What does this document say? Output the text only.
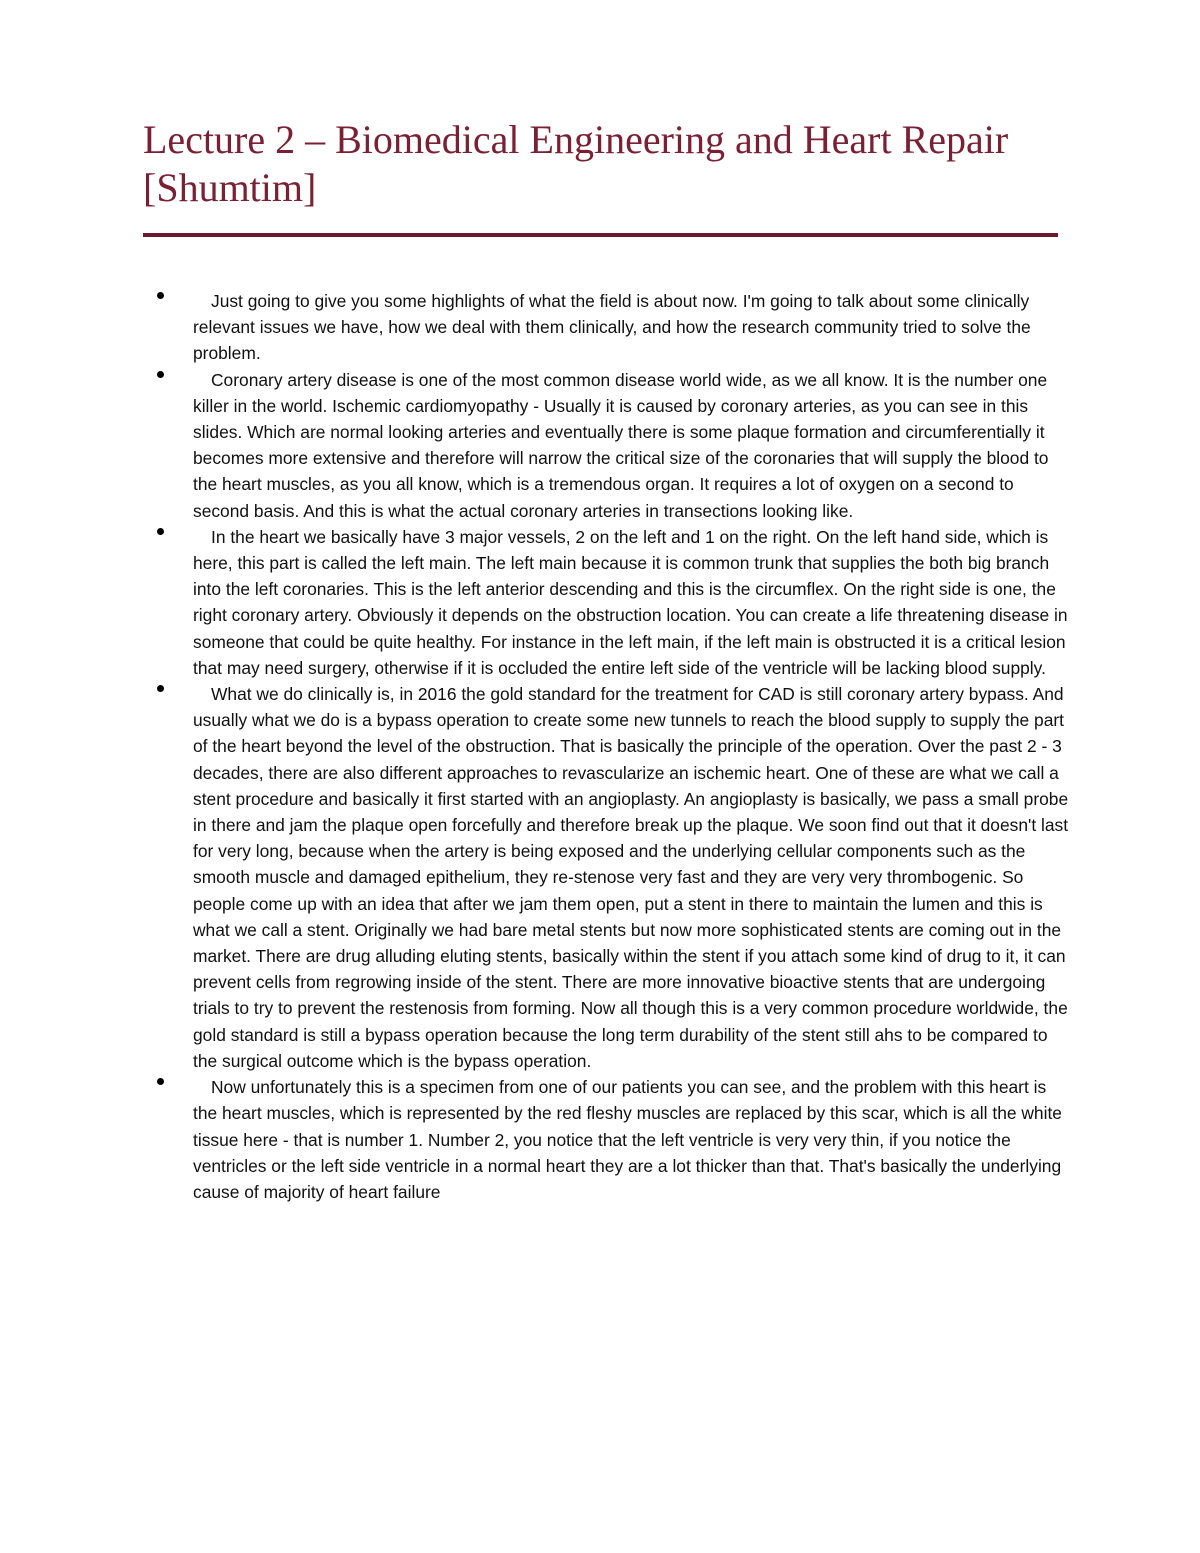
Lecture 2 – Biomedical Engineering and Heart Repair [Shumtim]
Just going to give you some highlights of what the field is about now. I'm going to talk about some clinically relevant issues we have, how we deal with them clinically, and how the research community tried to solve the problem.
Coronary artery disease is one of the most common disease world wide, as we all know. It is the number one killer in the world. Ischemic cardiomyopathy - Usually it is caused by coronary arteries, as you can see in this slides. Which are normal looking arteries and eventually there is some plaque formation and circumferentially it becomes more extensive and therefore will narrow the critical size of the coronaries that will supply the blood to the heart muscles, as you all know, which is a tremendous organ. It requires a lot of oxygen on a second to second basis. And this is what the actual coronary arteries in transections looking like.
In the heart we basically have 3 major vessels, 2 on the left and 1 on the right. On the left hand side, which is here, this part is called the left main. The left main because it is common trunk that supplies the both big branch into the left coronaries. This is the left anterior descending and this is the circumflex. On the right side is one, the right coronary artery. Obviously it depends on the obstruction location. You can create a life threatening disease in someone that could be quite healthy. For instance in the left main, if the left main is obstructed it is a critical lesion that may need surgery, otherwise if it is occluded the entire left side of the ventricle will be lacking blood supply.
What we do clinically is, in 2016 the gold standard for the treatment for CAD is still coronary artery bypass. And usually what we do is a bypass operation to create some new tunnels to reach the blood supply to supply the part of the heart beyond the level of the obstruction. That is basically the principle of the operation. Over the past 2 - 3 decades, there are also different approaches to revascularize an ischemic heart. One of these are what we call a stent procedure and basically it first started with an angioplasty. An angioplasty is basically, we pass a small probe in there and jam the plaque open forcefully and therefore break up the plaque. We soon find out that it doesn't last for very long, because when the artery is being exposed and the underlying cellular components such as the smooth muscle and damaged epithelium, they re-stenose very fast and they are very very thrombogenic. So people come up with an idea that after we jam them open, put a stent in there to maintain the lumen and this is what we call a stent. Originally we had bare metal stents but now more sophisticated stents are coming out in the market. There are drug alluding eluting stents, basically within the stent if you attach some kind of drug to it, it can prevent cells from regrowing inside of the stent. There are more innovative bioactive stents that are undergoing trials to try to prevent the restenosis from forming. Now all though this is a very common procedure worldwide, the gold standard is still a bypass operation because the long term durability of the stent still ahs to be compared to the surgical outcome which is the bypass operation.
Now unfortunately this is a specimen from one of our patients you can see, and the problem with this heart is the heart muscles, which is represented by the red fleshy muscles are replaced by this scar, which is all the white tissue here - that is number 1. Number 2, you notice that the left ventricle is very very thin, if you notice the ventricles or the left side ventricle in a normal heart they are a lot thicker than that. That's basically the underlying cause of majority of heart failure
